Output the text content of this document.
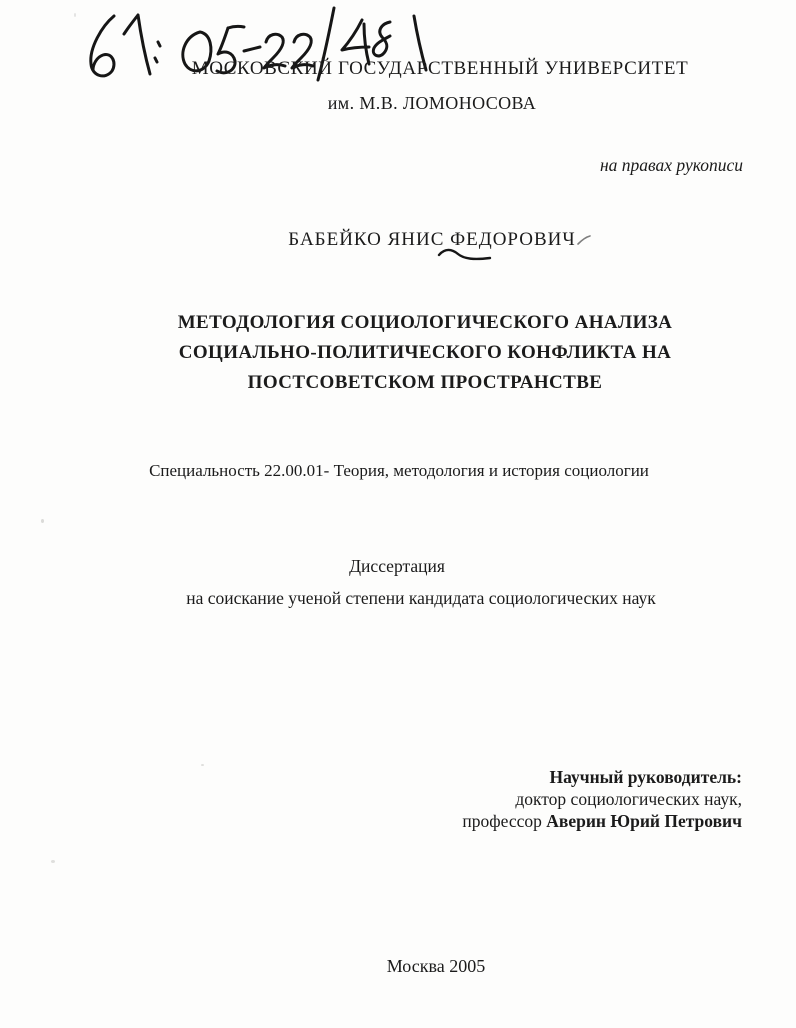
МОСКОВСКИЙ ГОСУДАРСТВЕННЫЙ УНИВЕРСИТЕТ
им. М.В. ЛОМОНОСОВА
на правах рукописи
БАБЕЙКО ЯНИС ФЕДОРОВИЧ
МЕТОДОЛОГИЯ СОЦИОЛОГИЧЕСКОГО АНАЛИЗА
СОЦИАЛЬНО-ПОЛИТИЧЕСКОГО КОНФЛИКТА НА
ПОСТСОВЕТСКОМ ПРОСТРАНСТВЕ
Специальность 22.00.01- Теория, методология и история социологии
Диссертация
на соискание ученой степени кандидата социологических наук
Научный руководитель:
доктор социологических наук,
профессор Аверин Юрий Петрович
Москва 2005
